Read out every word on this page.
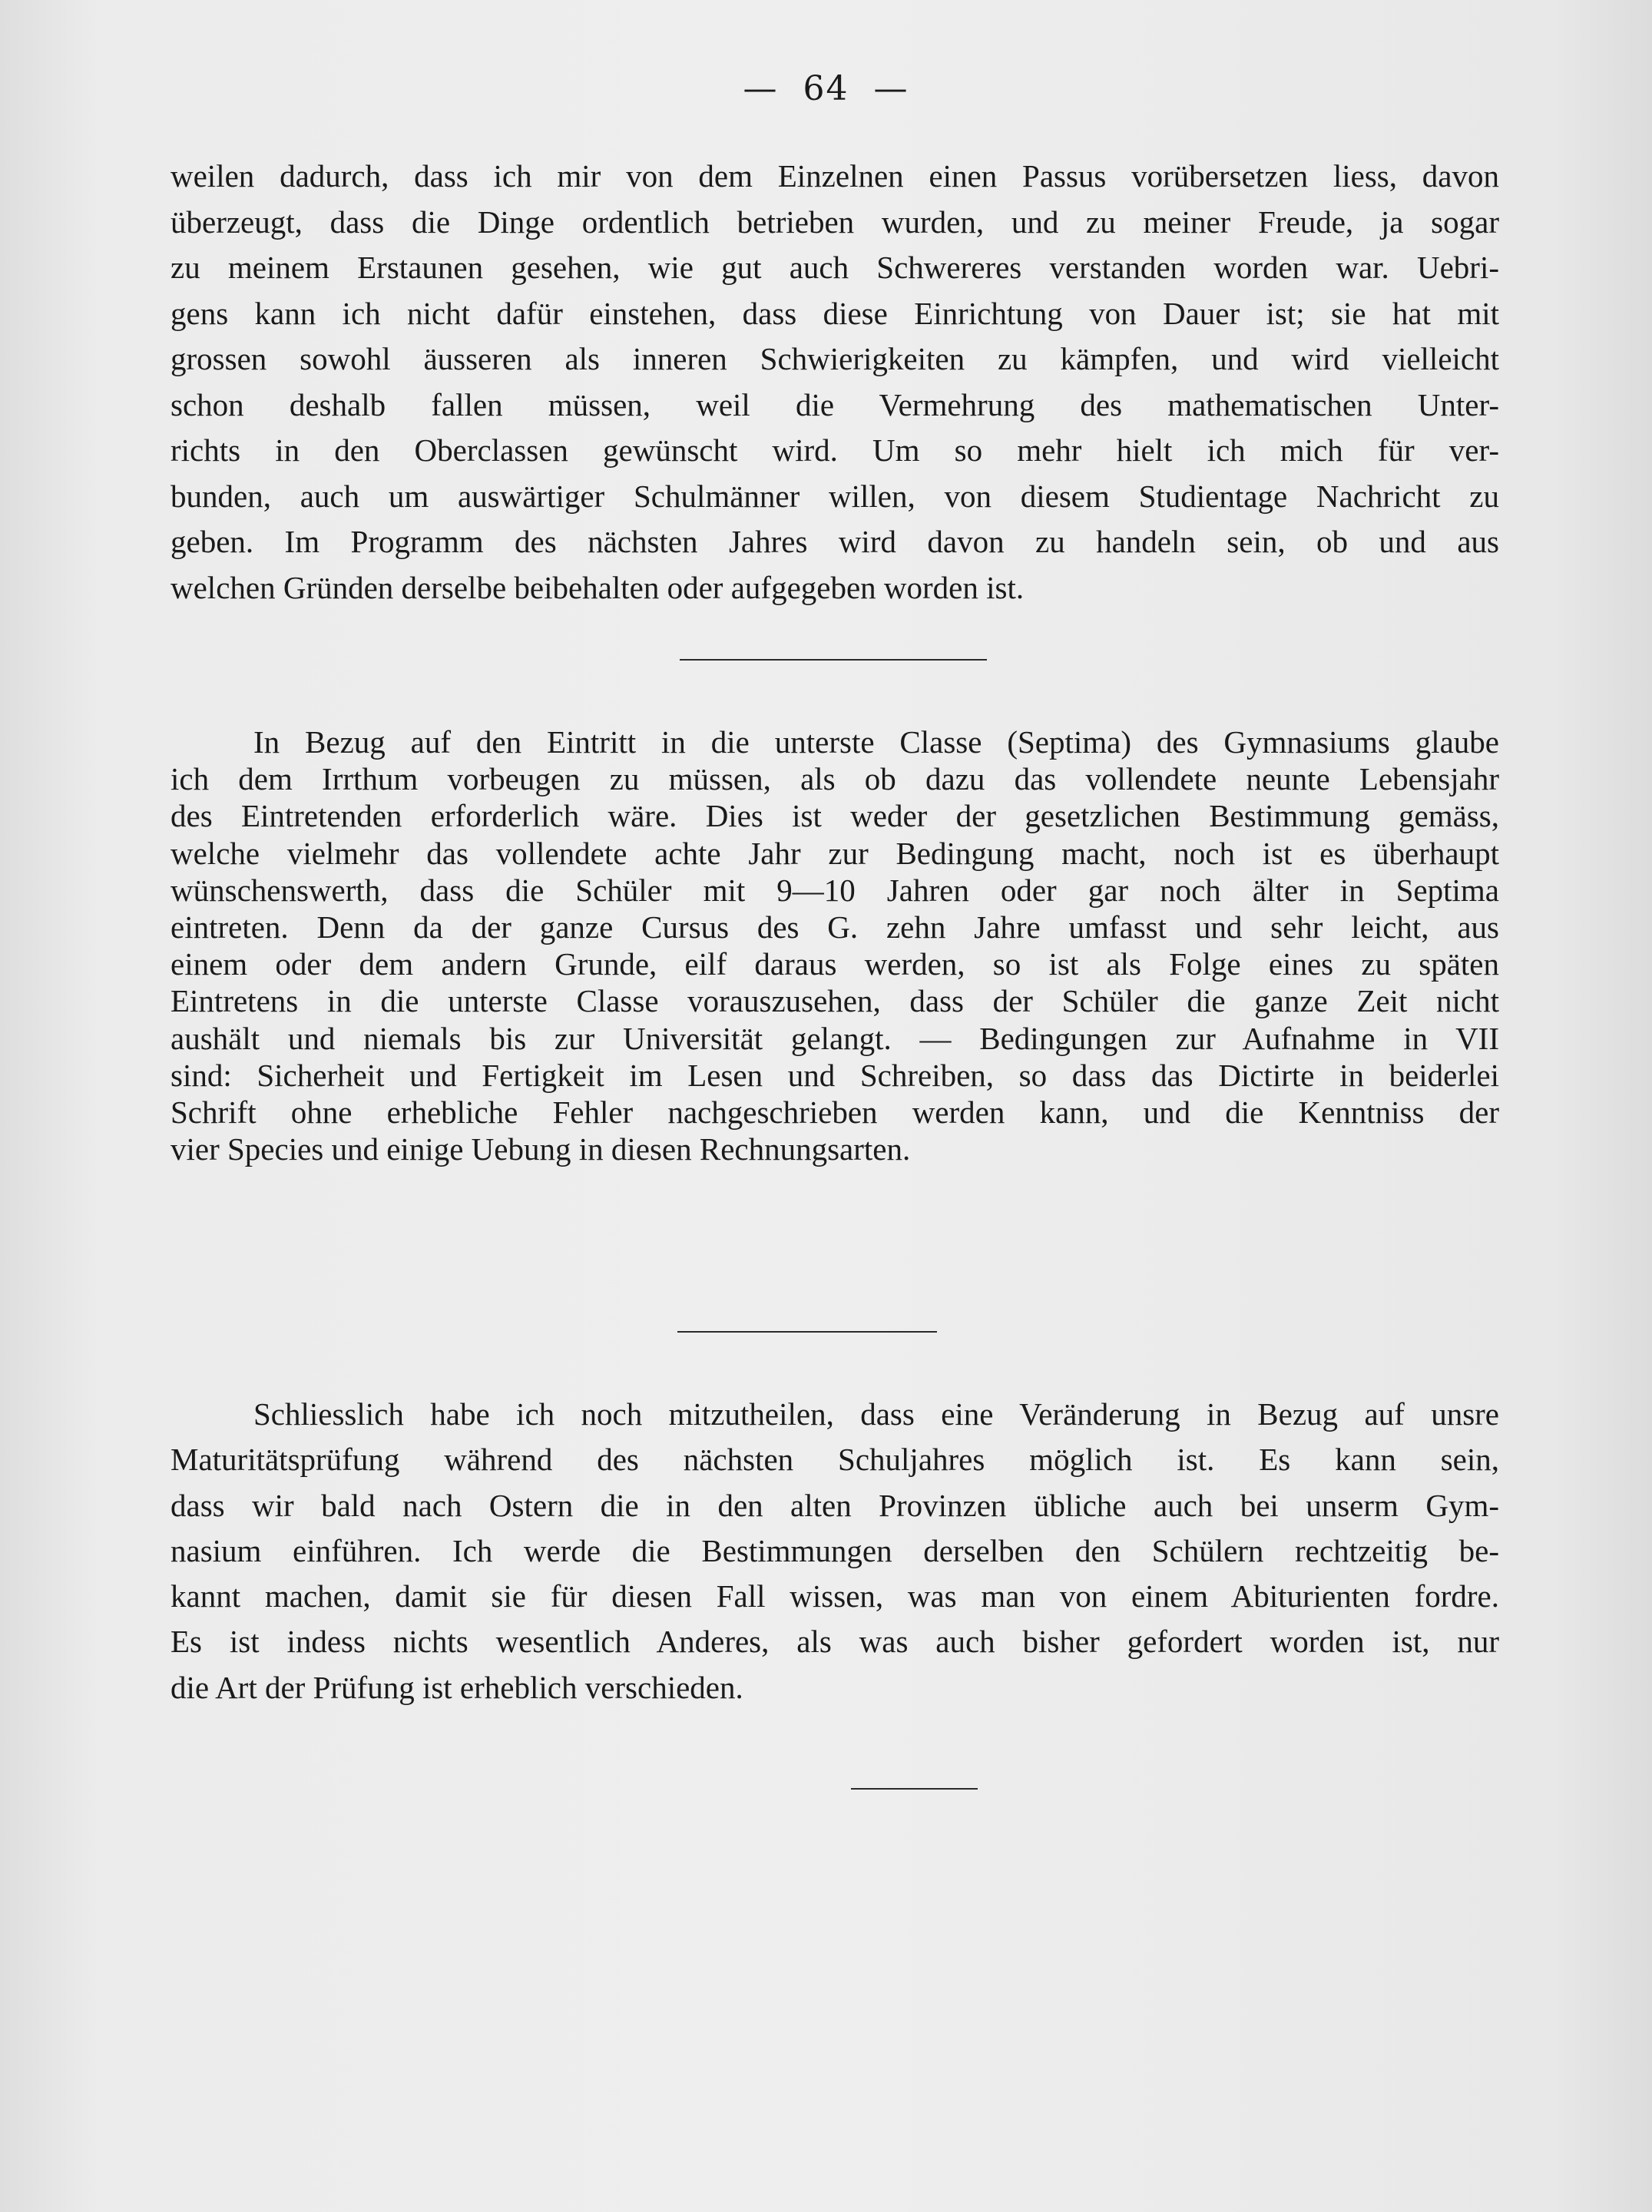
—  64  —
weilen dadurch, dass ich mir von dem Einzelnen einen Passus vorübersetzen liess, davon
überzeugt, dass die Dinge ordentlich betrieben wurden, und zu meiner Freude, ja sogar
zu meinem Erstaunen gesehen, wie gut auch Schwereres verstanden worden war. Uebri-
gens kann ich nicht dafür einstehen, dass diese Einrichtung von Dauer ist; sie hat mit
grossen sowohl äusseren als inneren Schwierigkeiten zu kämpfen, und wird vielleicht
schon deshalb fallen müssen, weil die Vermehrung des mathematischen Unter-
richts in den Oberclassen gewünscht wird. Um so mehr hielt ich mich für ver-
bunden, auch um auswärtiger Schulmänner willen, von diesem Studientage Nachricht zu
geben. Im Programm des nächsten Jahres wird davon zu handeln sein, ob und aus
welchen Gründen derselbe beibehalten oder aufgegeben worden ist.
In Bezug auf den Eintritt in die unterste Classe (Septima) des Gymnasiums glaube
ich dem Irrthum vorbeugen zu müssen, als ob dazu das vollendete neunte Lebensjahr
des Eintretenden erforderlich wäre. Dies ist weder der gesetzlichen Bestimmung gemäss,
welche vielmehr das vollendete achte Jahr zur Bedingung macht, noch ist es überhaupt
wünschenswerth, dass die Schüler mit 9—10 Jahren oder gar noch älter in Septima
eintreten. Denn da der ganze Cursus des G. zehn Jahre umfasst und sehr leicht, aus
einem oder dem andern Grunde, eilf daraus werden, so ist als Folge eines zu späten
Eintretens in die unterste Classe vorauszusehen, dass der Schüler die ganze Zeit nicht
aushält und niemals bis zur Universität gelangt. — Bedingungen zur Aufnahme in VII
sind: Sicherheit und Fertigkeit im Lesen und Schreiben, so dass das Dictirte in beiderlei
Schrift ohne erhebliche Fehler nachgeschrieben werden kann, und die Kenntniss der
vier Species und einige Uebung in diesen Rechnungsarten.
Schliesslich habe ich noch mitzutheilen, dass eine Veränderung in Bezug auf unsre
Maturitätsprüfung während des nächsten Schuljahres möglich ist. Es kann sein,
dass wir bald nach Ostern die in den alten Provinzen übliche auch bei unserm Gym-
nasium einführen. Ich werde die Bestimmungen derselben den Schülern rechtzeitig be-
kannt machen, damit sie für diesen Fall wissen, was man von einem Abiturienten fordre.
Es ist indess nichts wesentlich Anderes, als was auch bisher gefordert worden ist, nur
die Art der Prüfung ist erheblich verschieden.
